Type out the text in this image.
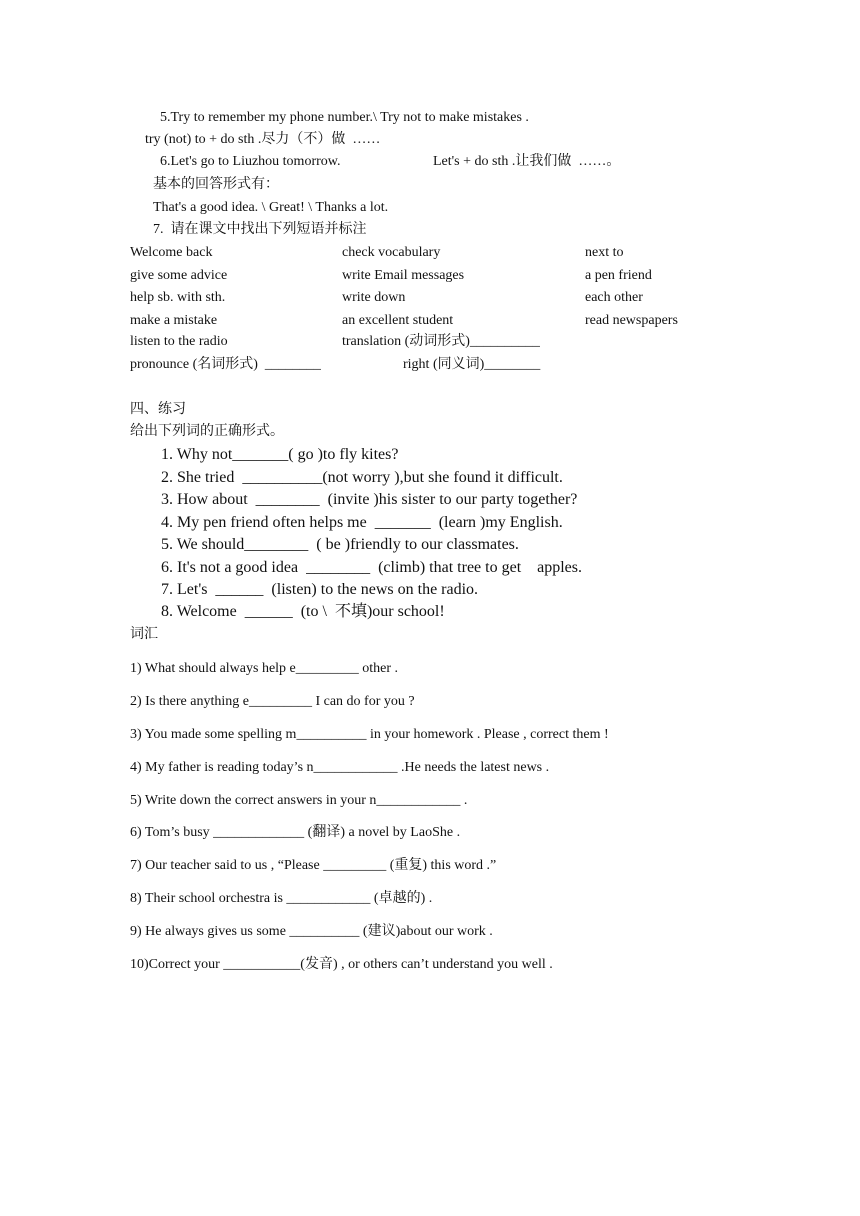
5.Try to remember my phone number.\ Try not to make mistakes .
try (not) to + do sth .尽力（不）做  ……
6.Let's go to Liuzhou tomorrow.	Let's + do sth .让我们做  ……。
基本的回答形式有：
That's a good idea. \ Great! \ Thanks a lot.
7.  请在课文中找出下列短语并标注
Welcome back	check vocabulary	next to
give some advice	write Email messages	a pen friend
help sb. with sth.	write down	each other
make a mistake	an excellent student	read newspapers
listen to the radio	translation (动词形式)__________
pronounce (名词形式)  ________	right (同义词)________
四、练习
给出下列词的正确形式。
1. Why not_______( go )to fly kites?
2. She tried  __________(not worry ),but she found it difficult.
3. How about  ________  (invite )his sister to our party together?
4. My pen friend often helps me  _______  (learn )my English.
5. We should________  ( be )friendly to our classmates.
6. It's not a good idea  ________  (climb) that tree to get    apples.
7. Let's  ______  (listen) to the news on the radio.
8. Welcome  ______  (to \  不填)our school!
词汇
1) What should always help e_________ other .
2) Is there anything e_________ I can do for you ?
3) You made some spelling m__________ in your homework . Please , correct them !
4) My father is reading today’s n____________ .He needs the latest news .
5) Write down the correct answers in your n____________ .
6) Tom’s busy _____________ (翻译) a novel by LaoShe .
7) Our teacher said to us , “Please _________ (重复) this word .”
8) Their school orchestra is ____________ (卓越的) .
9) He always gives us some __________ (建议)about our work .
10)Correct your ___________(发音) , or others can’t understand you well .
